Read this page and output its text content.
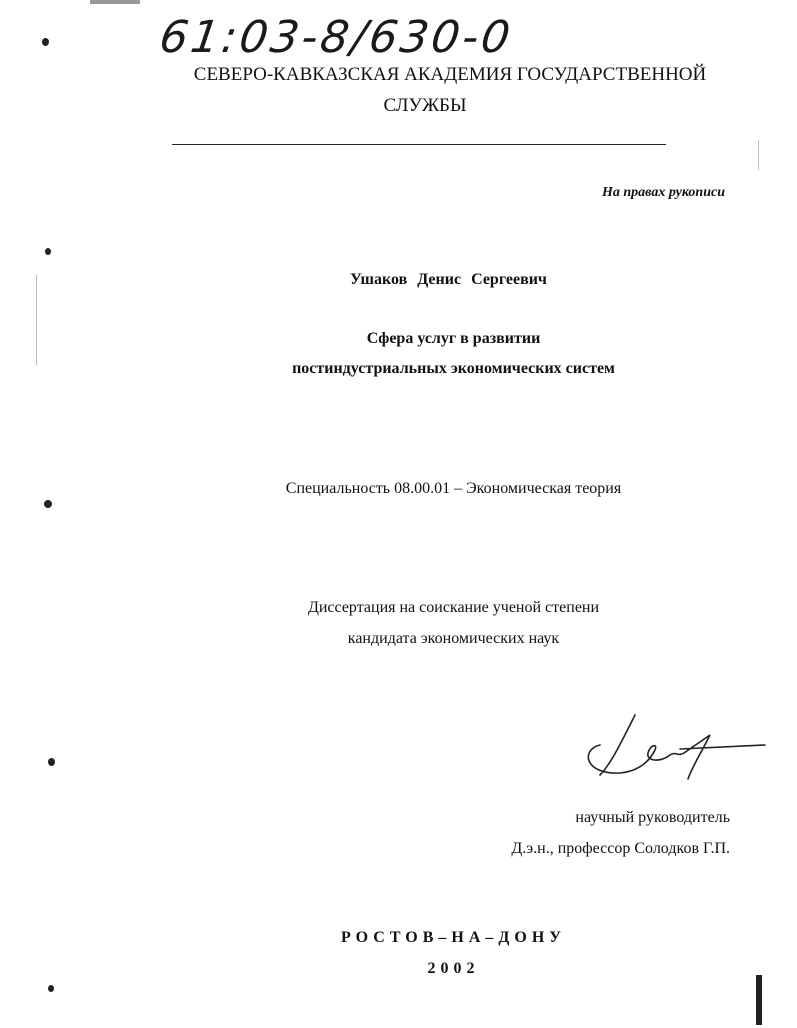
61:03-8/630-0
СЕВЕРО-КАВКАЗСКАЯ АКАДЕМИЯ ГОСУДАРСТВЕННОЙ
СЛУЖБЫ
На правах рукописи
Ушаков Денис Сергеевич
Сфера услуг в развитии
постиндустриальных экономических систем
Специальность 08.00.01 – Экономическая теория
Диссертация на соискание ученой степени
кандидата экономических наук
научный руководитель
Д.э.н., профессор Солодков Г.П.
РОСТОВ–НА–ДОНУ
2002
